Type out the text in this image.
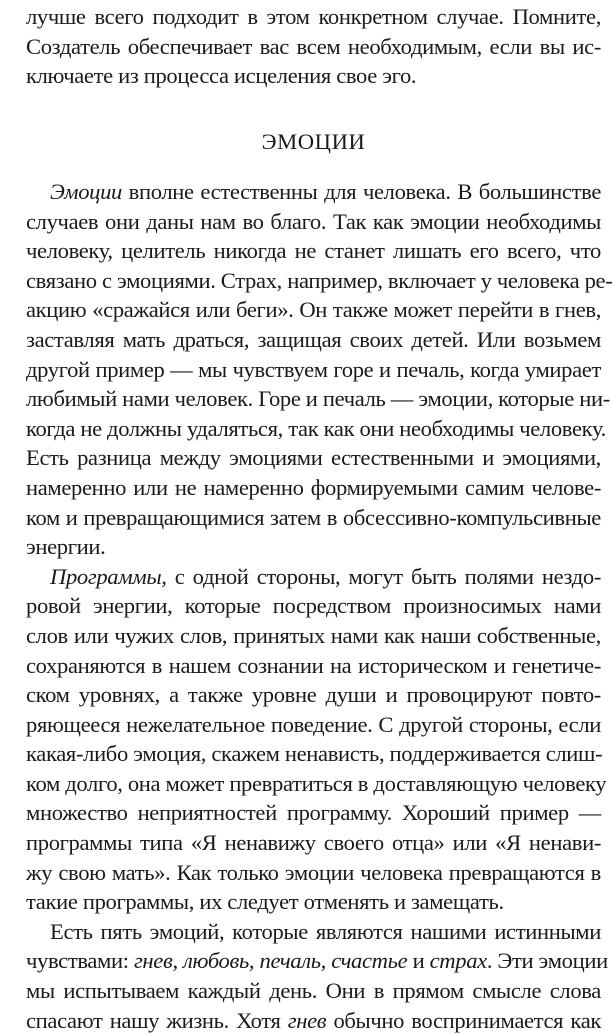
лучше всего подходит в этом конкретном случае. Помните,
Создатель обеспечивает вас всем необходимым, если вы ис-
ключаете из процесса исцеления свое эго.
ЭМОЦИИ
Эмоции вполне естественны для человека. В большинстве
случаев они даны нам во благо. Так как эмоции необходимы
человеку, целитель никогда не станет лишать его всего, что
связано с эмоциями. Страх, например, включает у человека ре-
акцию «сражайся или беги». Он также может перейти в гнев,
заставляя мать драться, защищая своих детей. Или возьмем
другой пример — мы чувствуем горе и печаль, когда умирает
любимый нами человек. Горе и печаль — эмоции, которые ни-
когда не должны удаляться, так как они необходимы человеку.
Есть разница между эмоциями естественными и эмоциями,
намеренно или не намеренно формируемыми самим челове-
ком и превращающимися затем в обсессивно-компульсивные
энергии.
Программы, с одной стороны, могут быть полями нездо-
ровой энергии, которые посредством произносимых нами
слов или чужих слов, принятых нами как наши собственные,
сохраняются в нашем сознании на историческом и генетиче-
ском уровнях, а также уровне души и провоцируют повто-
ряющееся нежелательное поведение. С другой стороны, если
какая-либо эмоция, скажем ненависть, поддерживается слиш-
ком долго, она может превратиться в доставляющую человеку
множество неприятностей программу. Хороший пример —
программы типа «Я ненавижу своего отца» или «Я ненави-
жу свою мать». Как только эмоции человека превращаются в
такие программы, их следует отменять и замещать.
Есть пять эмоций, которые являются нашими истинными
чувствами: гнев, любовь, печаль, счастье и страх. Эти эмоции
мы испытываем каждый день. Они в прямом смысле слова
спасают нашу жизнь. Хотя гнев обычно воспринимается как
